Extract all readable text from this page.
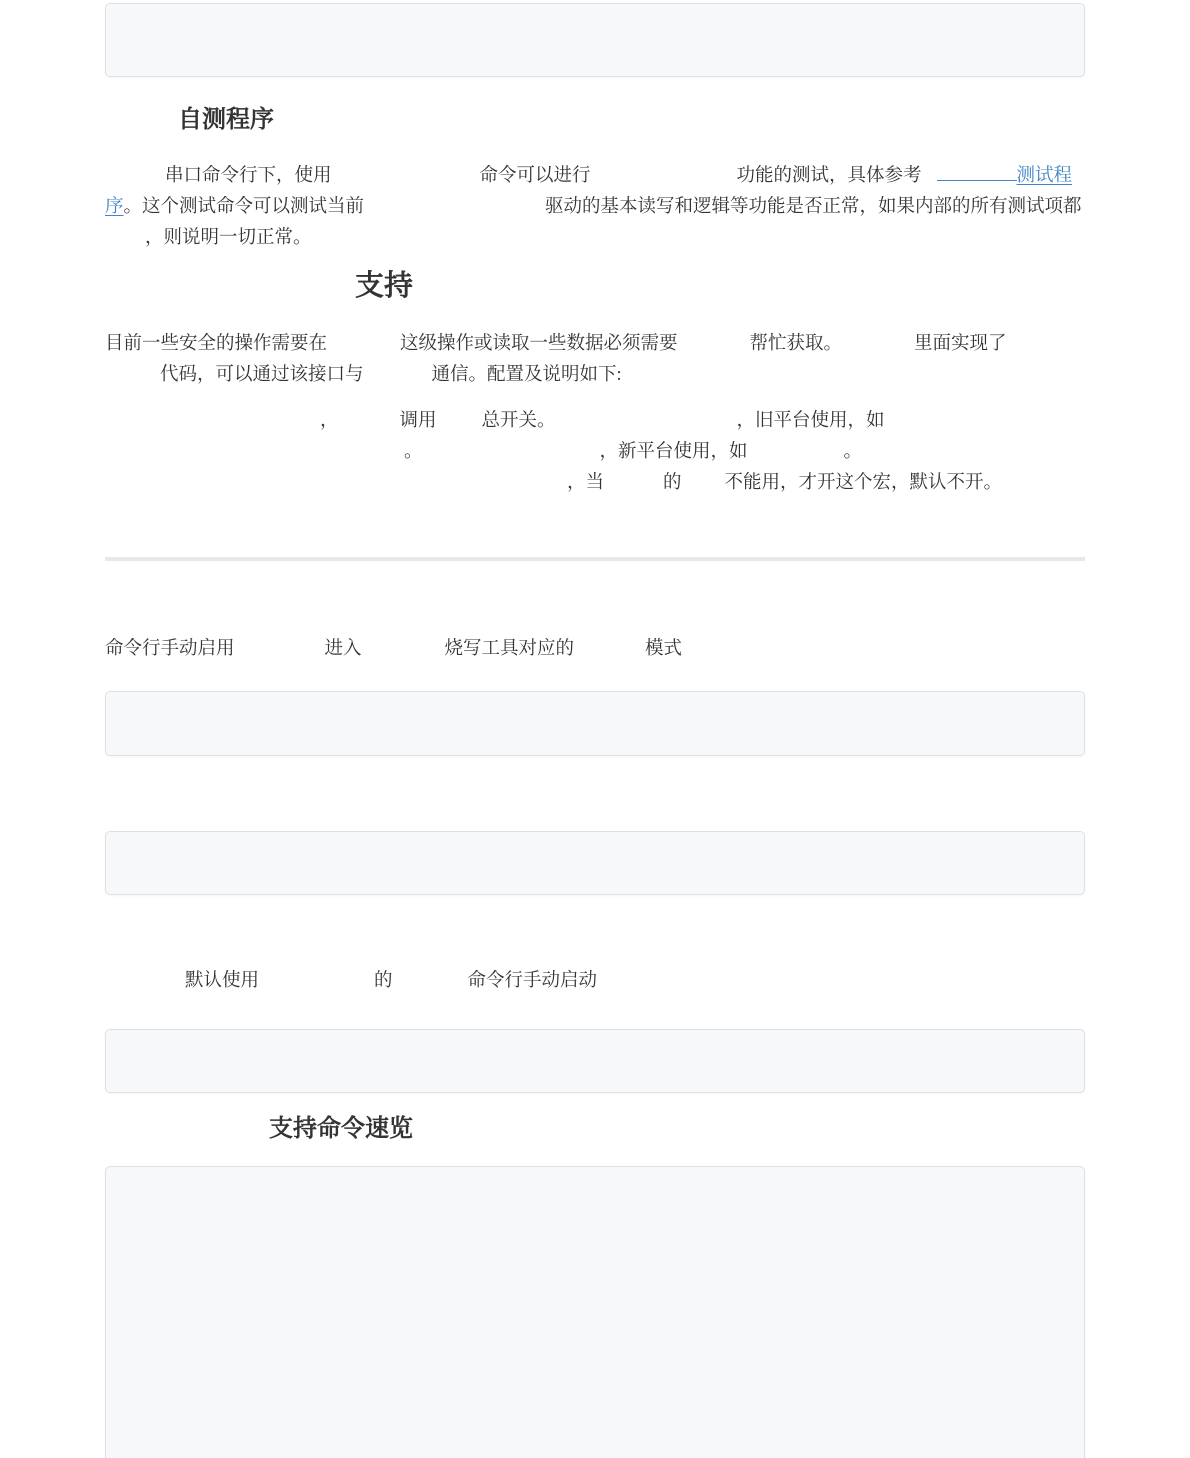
自测程序
串口命令行下，使用	命令可以进行	功能的测试，具体参考	测试程
序。这个测试命令可以测试当前	驱动的基本读写和逻辑等功能是否正常，如果内部的所有测试项都
，则说明一切正常。
支持
目前一些安全的操作需要在	这级操作或读取一些数据必须需要	帮忙获取。	里面实现了
代码，可以通过该接口与	通信。配置及说明如下:
，	调用 总开关。	，旧平台使用，如
。	，新平台使用，如	。
，当	的 不能用，才开这个宏，默认不开。
命令行手动启用	进入	烧写工具对应的	模式
默认使用	的	命令行手动启动
支持命令速览
